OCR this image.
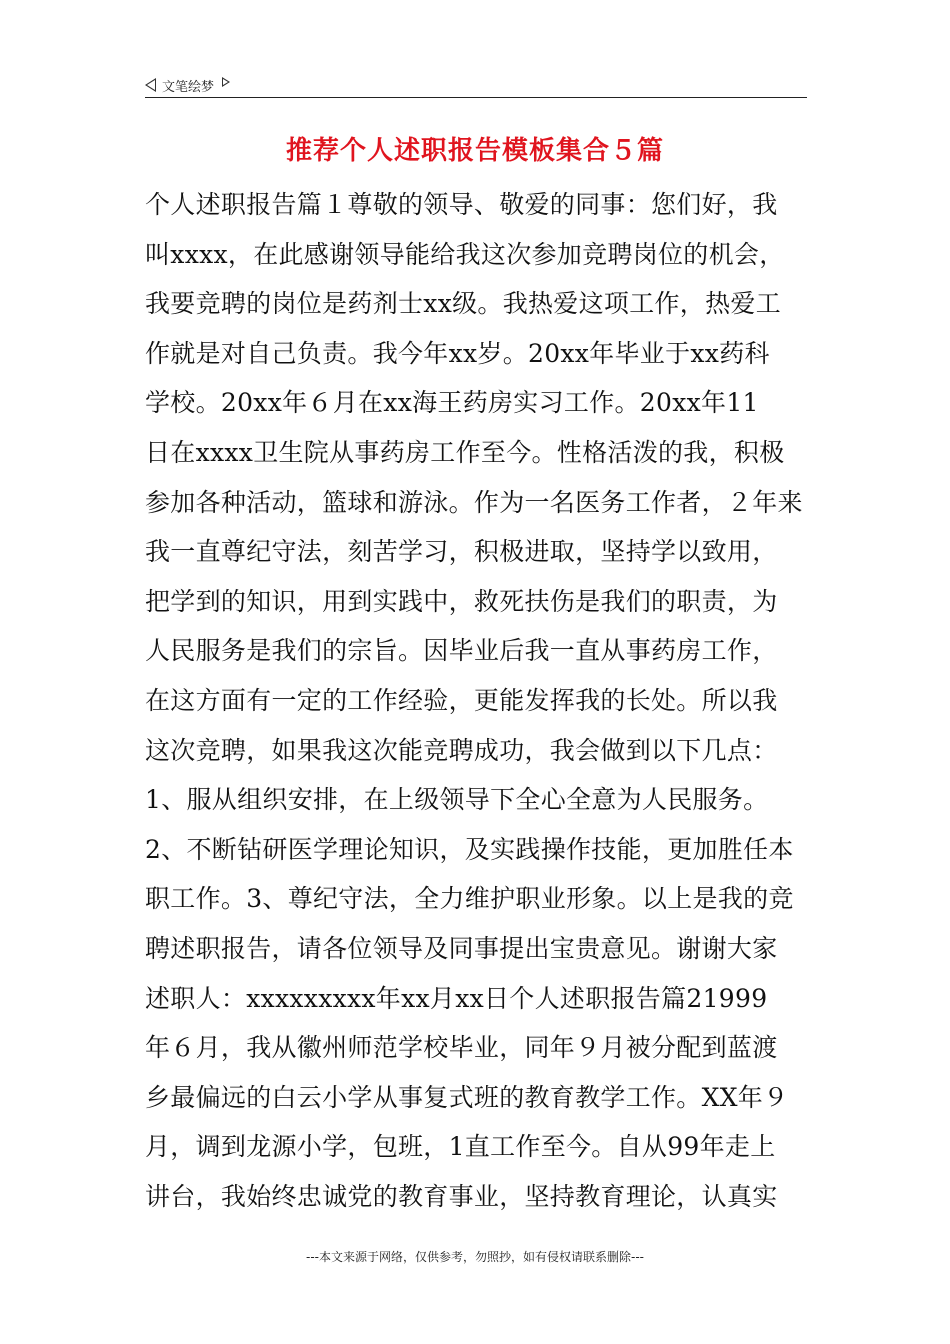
文笔绘梦
推荐个人述职报告模板集合５篇
个人述职报告篇１尊敬的领导、敬爱的同事：您们好，我
叫xxxx，在此感谢领导能给我这次参加竞聘岗位的机会，
我要竞聘的岗位是药剂士xx级。我热爱这项工作，热爱工
作就是对自己负责。我今年xx岁。20xx年毕业于xx药科
学校。20xx年６月在xx海王药房实习工作。20xx年11
日在xxxx卫生院从事药房工作至今。性格活泼的我，积极
参加各种活动，篮球和游泳。作为一名医务工作者，２年来
我一直尊纪守法，刻苦学习，积极进取，坚持学以致用，
把学到的知识，用到实践中，救死扶伤是我们的职责，为
人民服务是我们的宗旨。因毕业后我一直从事药房工作，
在这方面有一定的工作经验，更能发挥我的长处。所以我
这次竞聘，如果我这次能竞聘成功，我会做到以下几点：
1、服从组织安排，在上级领导下全心全意为人民服务。
2、不断钻研医学理论知识，及实践操作技能，更加胜任本
职工作。3、尊纪守法，全力维护职业形象。以上是我的竞
聘述职报告，请各位领导及同事提出宝贵意见。谢谢大家
述职人：xxxxxxxxx年xx月xx日个人述职报告篇21999
年６月，我从徽州师范学校毕业，同年９月被分配到蓝渡
乡最偏远的白云小学从事复式班的教育教学工作。XX年９
月，调到龙源小学，包班，1直工作至今。自从99年走上
讲台，我始终忠诚党的教育事业，坚持教育理论，认真实
---本文来源于网络，仅供参考，勿照抄，如有侵权请联系删除---
